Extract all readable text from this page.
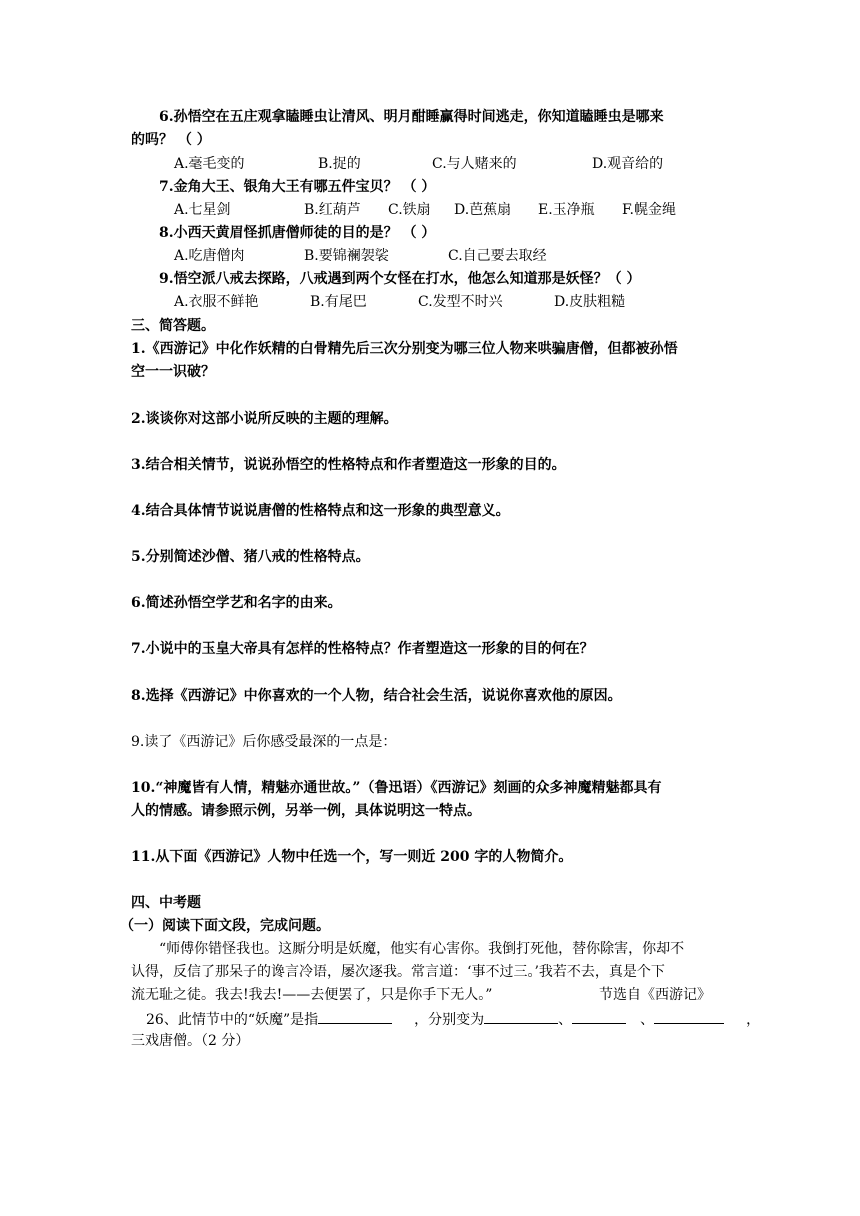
6.孙悟空在五庄观拿瞌睡虫让清风、明月酣睡赢得时间逃走，你知道瞌睡虫是哪来
的吗？ （ ）
A.毫毛变的	B.捉的	C.与人赌来的	D.观音给的
7.金角大王、银角大王有哪五件宝贝？ （ ）
A.七星剑	B.红葫芦 C.铁扇 D.芭蕉扇 E.玉净瓶 F.幌金绳
8.小西天黄眉怪抓唐僧师徒的目的是？ （ ）
A.吃唐僧肉	B.要锦襕袈裟	C.自己要去取经
9.悟空派八戒去探路，八戒遇到两个女怪在打水，他怎么知道那是妖怪？（ ）
A.衣服不鲜艳	B.有尾巴	C.发型不时兴	D.皮肤粗糙
三、简答题。
1.《西游记》中化作妖精的白骨精先后三次分别变为哪三位人物来哄骗唐僧，但都被孙悟
空一一识破？
2.谈谈你对这部小说所反映的主题的理解。
3.结合相关情节，说说孙悟空的性格特点和作者塑造这一形象的目的。
4.结合具体情节说说唐僧的性格特点和这一形象的典型意义。
5.分别简述沙僧、猪八戒的性格特点。
6.简述孙悟空学艺和名字的由来。
7.小说中的玉皇大帝具有怎样的性格特点？作者塑造这一形象的目的何在？
8.选择《西游记》中你喜欢的一个人物，结合社会生活，说说你喜欢他的原因。
9.读了《西游记》后你感受最深的一点是：
10.“神魔皆有人情，精魅亦通世故。”（鲁迅语）《西游记》刻画的众多神魔精魅都具有
人的情感。请参照示例，另举一例，具体说明这一特点。
11.从下面《西游记》人物中任选一个，写一则近 200 字的人物简介。
四、中考题
（一）阅读下面文段，完成问题。
“师傅你错怪我也。这厮分明是妖魔，他实有心害你。我倒打死他，替你除害，你却不
认得，反信了那呆子的谗言冷语，屡次逐我。常言道：‘事不过三。’我若不去，真是个下
流无耻之徒。我去!我去!——去便罢了，只是你手下无人。”	节选自《西游记》
26、此情节中的“妖魔”是指	，分别变为	、	、	，
三戏唐僧。（2 分）
